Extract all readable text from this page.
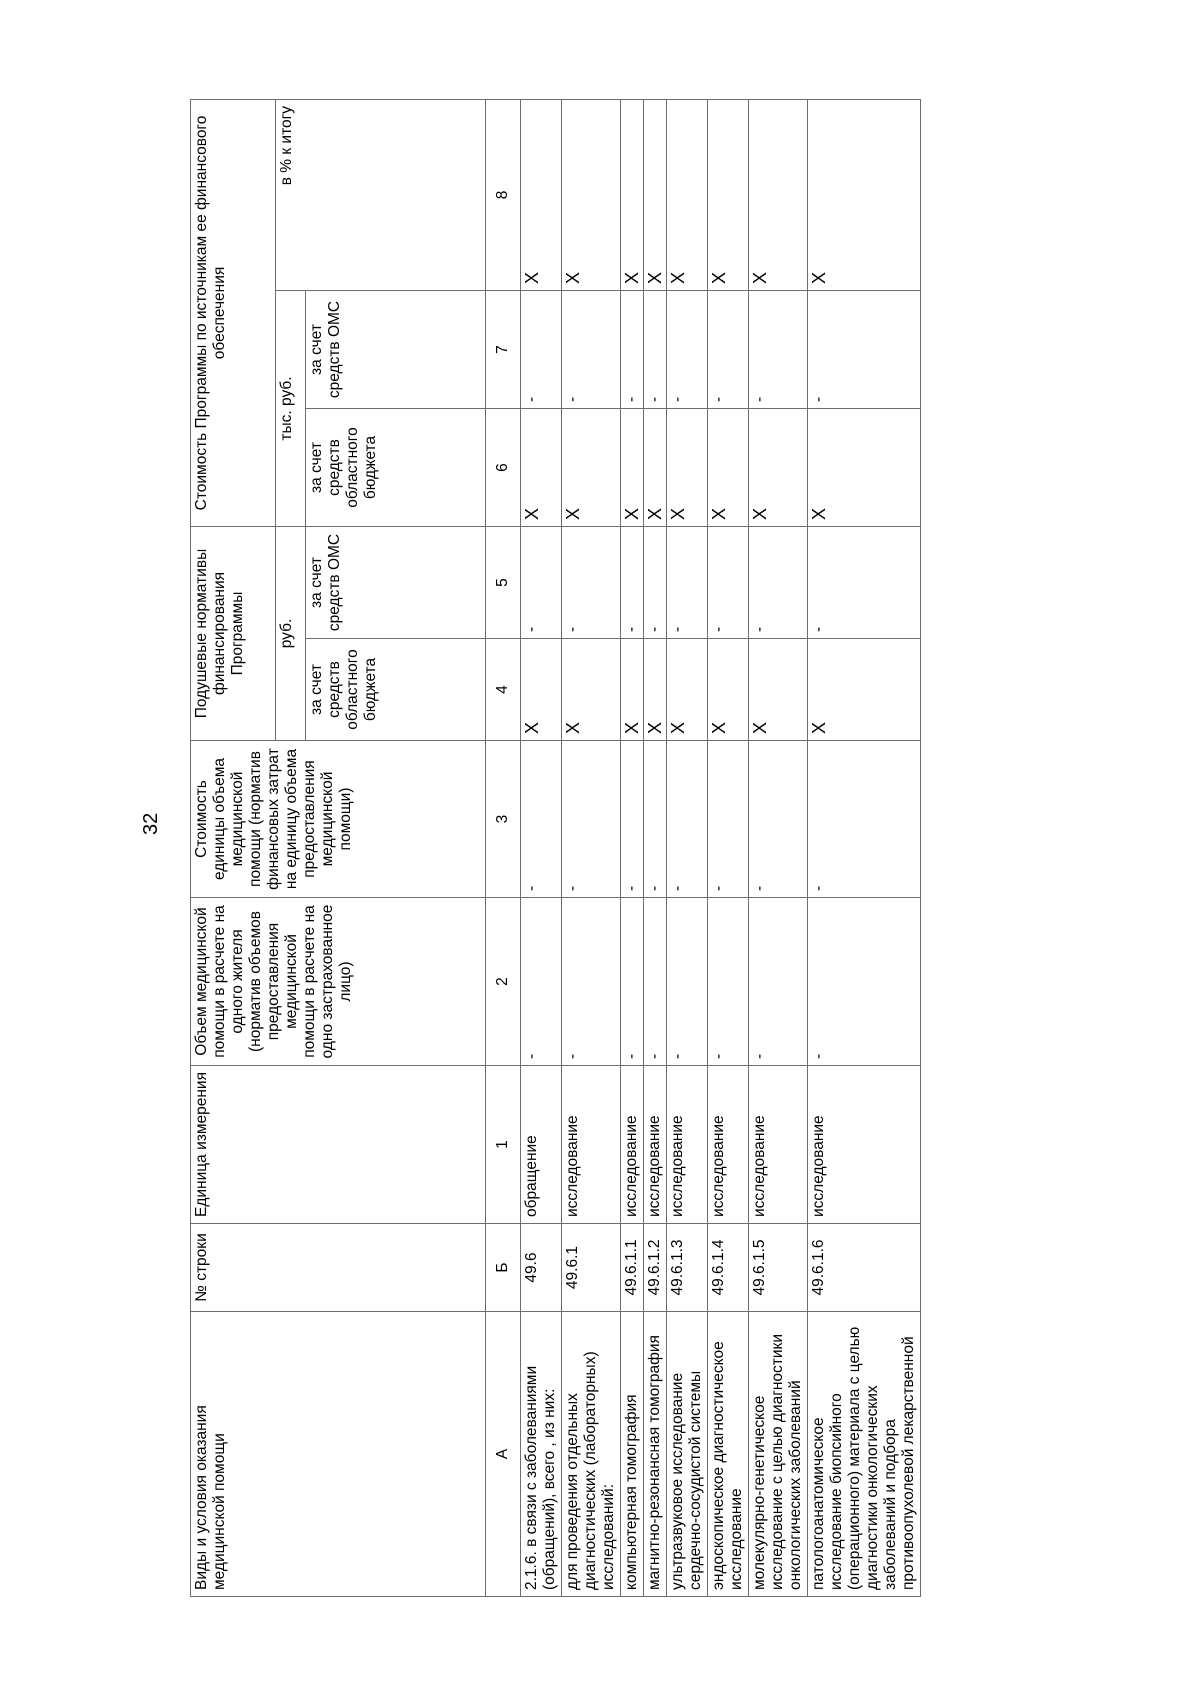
32
Виды и условия оказания медицинской помощи	№ строки	Единица измерения	Объем медицинской помощи в расчете на одного жителя (норматив объемов предоставления медицинской помощи в расчете на одно застрахованное лицо)	Стоимость единицы объема медицинской помощи (норматив финансовых затрат на единицу объема предоставления медицинской помощи)	Подушевые нормативы финансирования Программы		Стоимость Программы по источникам ее финансового обеспечения		
					руб.		тыс. руб.		в % к итогу
					за счет средств областного бюджета	за счет средств ОМС	за счет средств областного бюджета	за счет средств ОМС	
А	Б	1	2	3	4	5	6	7	8
2.1.6. в связи с заболеваниями (обращений), всего , из них:	49.6	обращение	-	-	X	-	X	-	X
для проведения отдельных диагностических (лабораторных) исследований:	49.6.1	исследование	-	-	X	-	X	-	X
компьютерная томография	49.6.1.1	исследование	-	-	X	-	X	-	X
магнитно-резонансная томография	49.6.1.2	исследование	-	-	X	-	X	-	X
ультразвуковое исследование сердечно-сосудистой системы	49.6.1.3	исследование	-	-	X	-	X	-	X
эндоскопическое диагностическое исследование	49.6.1.4	исследование	-	-	X	-	X	-	X
молекулярно-генетическое исследование с целью диагностики онкологических заболеваний	49.6.1.5	исследование	-	-	X	-	X	-	X
патологоанатомическое исследование биопсийного (операционного) материала с целью диагностики онкологических заболеваний и подбора противоопухолевой лекарственной	49.6.1.6	исследование	-	-	X	-	X	-	X
